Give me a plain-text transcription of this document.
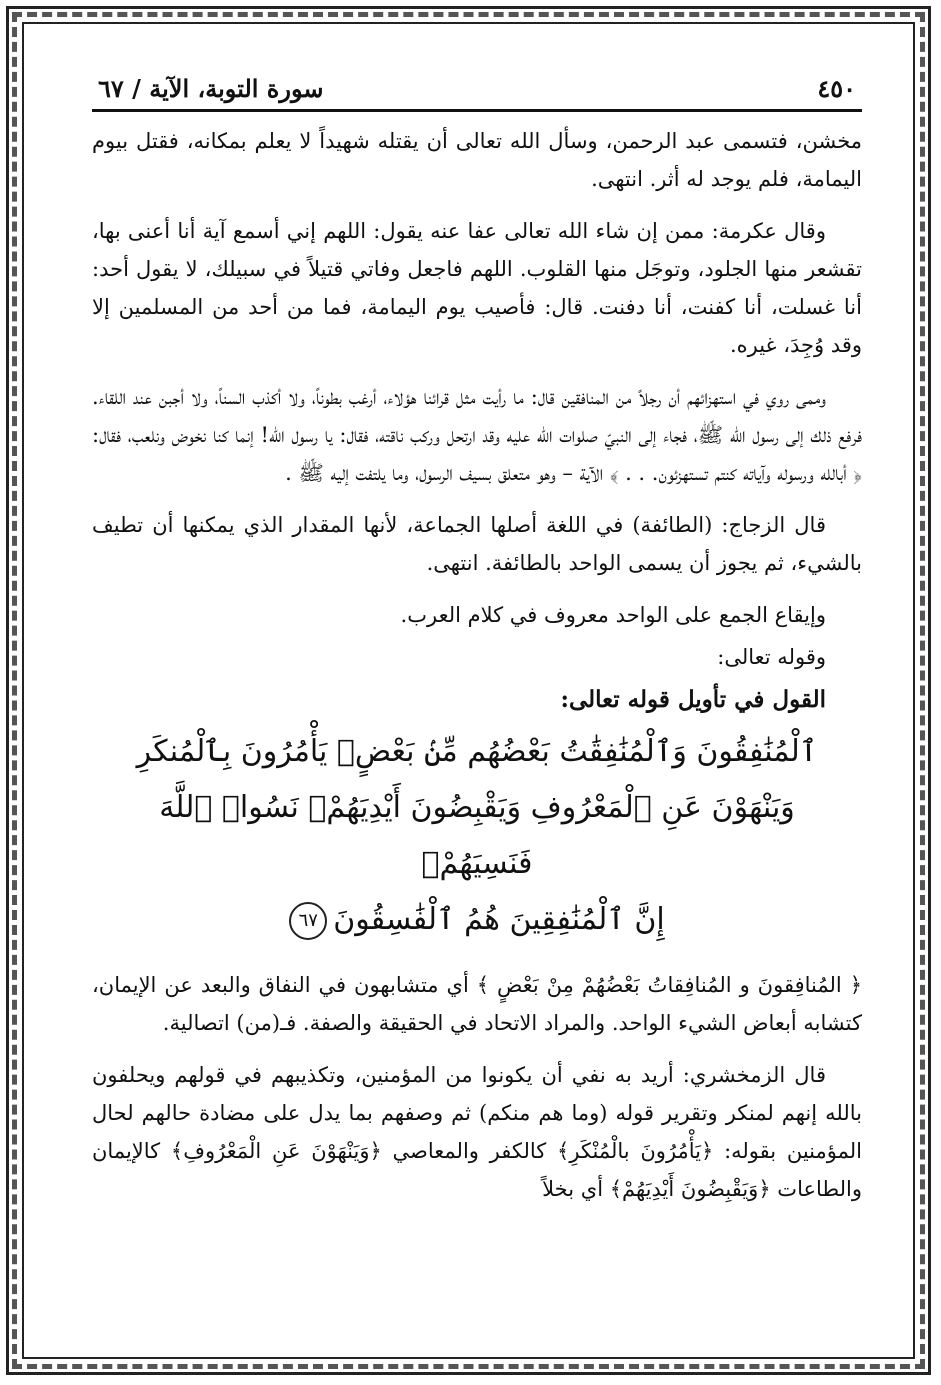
٤٥٠
سورة التوبة، الآية / ٦٧

مخشن، فتسمى عبد الرحمن، وسأل الله تعالى أن يقتله شهيداً لا يعلم بمكانه، فقتل بيوم اليمامة، فلم يوجد له أثر. انتهى.

وقال عكرمة: ممن إن شاء الله تعالى عفا عنه يقول: اللهم إني أسمع آية أنا أعنى بها، تقشعر منها الجلود، وتوجَل منها القلوب. اللهم فاجعل وفاتي قتيلاً في سبيلك، لا يقول أحد: أنا غسلت، أنا كفنت، أنا دفنت. قال: فأصيب يوم اليمامة، فما من أحد من المسلمين إلا وقد وُجِدَ، غيره.

وممى روي في استهزائهم أن رجلاً من المنافقين قال: ما رأيت مثل قرائنا هؤلاء، أرغب بطوناً، ولا أكذب السناً، ولا أجبن عند اللقاء. فرفع ذلك إلى رسول الله ﷺ، فجاء إلى النبيّ صلوات الله عليه وقد ارتحل وركب ناقته، فقال: يا رسول الله! إنما كنا نخوض ونلعب، فقال: ﴿ أبالله ورسوله وآياته كنتم تستهزئون. . . ﴾ الآية – وهو متعلق بسيف الرسول، وما يلتفت إليه ﷺ .

قال الزجاج: (الطائفة) في اللغة أصلها الجماعة، لأنها المقدار الذي يمكنها أن تطيف بالشيء، ثم يجوز أن يسمى الواحد بالطائفة. انتهى.

وإيقاع الجمع على الواحد معروف في كلام العرب.

وقوله تعالى:

القول في تأويل قوله تعالى:
ٱلْمُنَٰفِقُونَ وَٱلْمُنَٰفِقَٰتُ بَعْضُهُم مِّنۢ بَعْضٍۚ يَأْمُرُونَ بِٱلْمُنكَرِ
وَيَنْهَوْنَ عَنِ ٱلْمَعْرُوفِ وَيَقْبِضُونَ أَيْدِيَهُمْۚ نَسُوا۟ ٱللَّهَ فَنَسِيَهُمْۗ
إِنَّ ٱلْمُنَٰفِقِينَ هُمُ ٱلْفَٰسِقُونَ٦٧

﴿ المُنافِقونَ و المُنافِقاتُ بَعْضُهُمْ مِنْ بَعْضٍ ﴾ أي متشابهون في النفاق والبعد عن الإيمان، كتشابه أبعاض الشيء الواحد. والمراد الاتحاد في الحقيقة والصفة. فـ(من) اتصالية.

قال الزمخشري: أريد به نفي أن يكونوا من المؤمنين، وتكذيبهم في قولهم ويحلفون بالله إنهم لمنكر وتقرير قوله (وما هم منكم) ثم وصفهم بما يدل على مضادة حالهم لحال المؤمنين بقوله: ﴿يَأْمُرُونَ بالْمُنْكَرِ﴾ كالكفر والمعاصي ﴿وَيَنْهَوْنَ عَنِ الْمَعْرُوفِ﴾ كالإيمان والطاعات ﴿وَيَقْبِضُونَ أَيْدِيَهُمْ﴾ أي بخلاً
